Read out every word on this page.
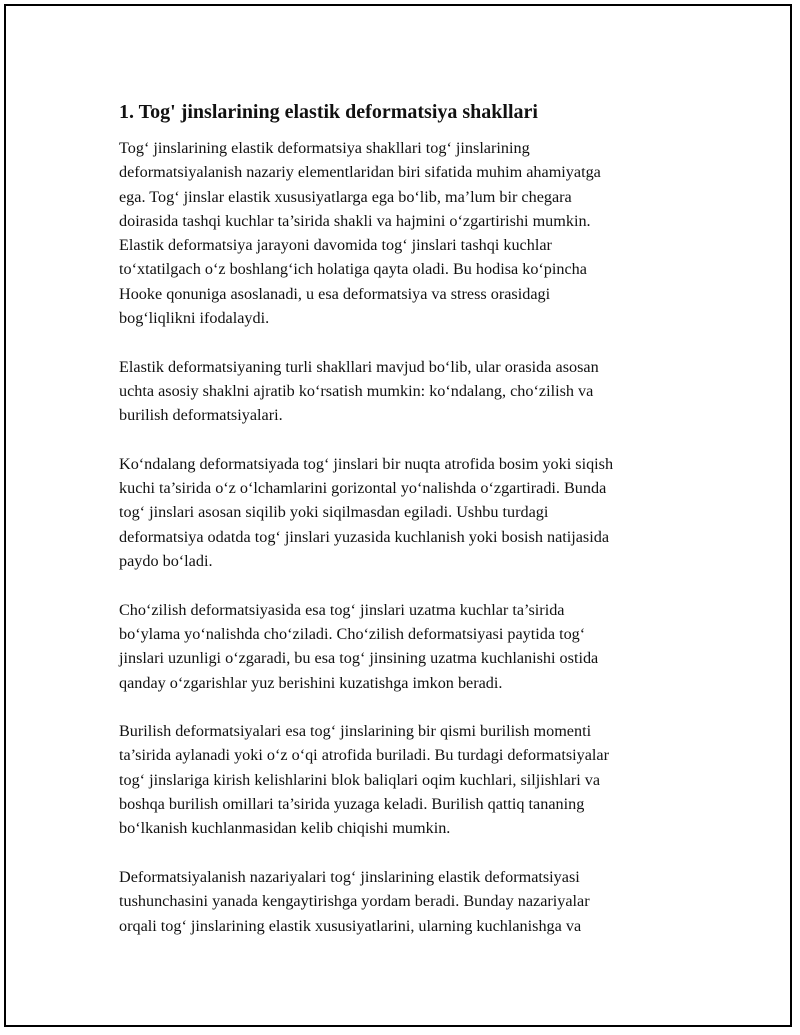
1. Tog' jinslarining elastik deformatsiya shakllari

Tog‘ jinslarining elastik deformatsiya shakllari tog‘ jinslarining
deformatsiyalanish nazariy elementlaridan biri sifatida muhim ahamiyatga
ega. Tog‘ jinslar elastik xususiyatlarga ega bo‘lib, ma’lum bir chegara
doirasida tashqi kuchlar ta’sirida shakli va hajmini o‘zgartirishi mumkin.
Elastik deformatsiya jarayoni davomida tog‘ jinslari tashqi kuchlar
to‘xtatilgach o‘z boshlang‘ich holatiga qayta oladi. Bu hodisa ko‘pincha
Hooke qonuniga asoslanadi, u esa deformatsiya va stress orasidagi
bog‘liqlikni ifodalaydi.

Elastik deformatsiyaning turli shakllari mavjud bo‘lib, ular orasida asosan
uchta asosiy shaklni ajratib ko‘rsatish mumkin: ko‘ndalang, cho‘zilish va
burilish deformatsiyalari.

Ko‘ndalang deformatsiyada tog‘ jinslari bir nuqta atrofida bosim yoki siqish
kuchi ta’sirida o‘z o‘lchamlarini gorizontal yo‘nalishda o‘zgartiradi. Bunda
tog‘ jinslari asosan siqilib yoki siqilmasdan egiladi. Ushbu turdagi
deformatsiya odatda tog‘ jinslari yuzasida kuchlanish yoki bosish natijasida
paydo bo‘ladi.

Cho‘zilish deformatsiyasida esa tog‘ jinslari uzatma kuchlar ta’sirida
bo‘ylama yo‘nalishda cho‘ziladi. Cho‘zilish deformatsiyasi paytida tog‘
jinslari uzunligi o‘zgaradi, bu esa tog‘ jinsining uzatma kuchlanishi ostida
qanday o‘zgarishlar yuz berishini kuzatishga imkon beradi.

Burilish deformatsiyalari esa tog‘ jinslarining bir qismi burilish momenti
ta’sirida aylanadi yoki o‘z o‘qi atrofida buriladi. Bu turdagi deformatsiyalar
tog‘ jinslariga kirish kelishlarini blok baliqlari oqim kuchlari, siljishlari va
boshqa burilish omillari ta’sirida yuzaga keladi. Burilish qattiq tananing
bo‘lkanish kuchlanmasidan kelib chiqishi mumkin.

Deformatsiyalanish nazariyalari tog‘ jinslarining elastik deformatsiyasi
tushunchasini yanada kengaytirishga yordam beradi. Bunday nazariyalar
orqali tog‘ jinslarining elastik xususiyatlarini, ularning kuchlanishga va
